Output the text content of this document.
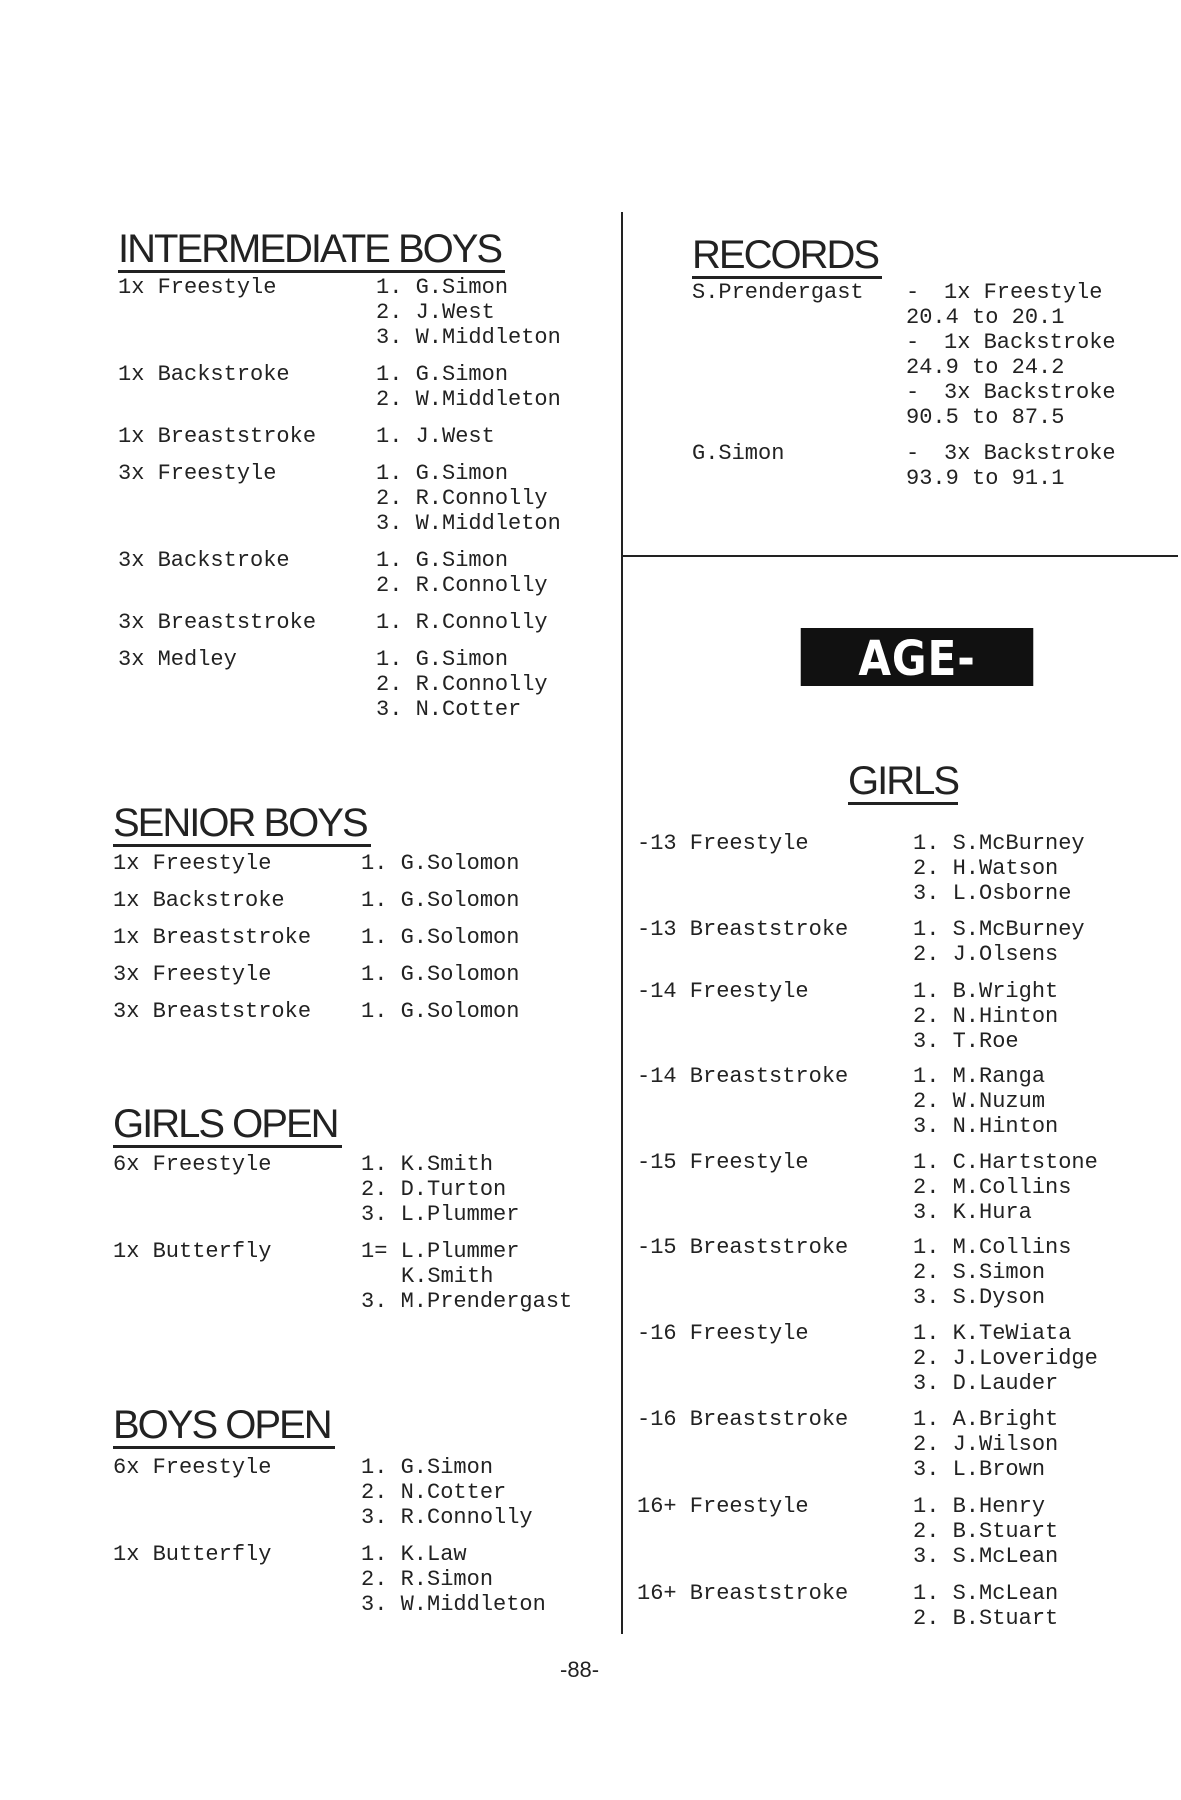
INTERMEDIATE BOYS
1x Freestyle	1. G.Simon
2. J.West
3. W.Middleton
1x Backstroke	1. G.Simon
2. W.Middleton
1x Breaststroke	1. J.West
3x Freestyle	1. G.Simon
2. R.Connolly
3. W.Middleton
3x Backstroke	1. G.Simon
2. R.Connolly
3x Breaststroke	1. R.Connolly
3x Medley	1. G.Simon
2. R.Connolly
3. N.Cotter
SENIOR BOYS
1x Freestyle	1. G.Solomon
1x Backstroke	1. G.Solomon
1x Breaststroke	1. G.Solomon
3x Freestyle	1. G.Solomon
3x Breaststroke	1. G.Solomon
GIRLS OPEN
6x Freestyle	1. K.Smith
2. D.Turton
3. L.Plummer
1x Butterfly	1= L.Plummer
K.Smith
3. M.Prendergast
BOYS OPEN
6x Freestyle	1. G.Simon
2. N.Cotter
3. R.Connolly
1x Butterfly	1. K.Law
2. R.Simon
3. W.Middleton
RECORDS
S.Prendergast - 1x Freestyle
20.4 to 20.1
- 1x Backstroke
24.9 to 24.2
- 3x Backstroke
90.5 to 87.5
G.Simon	- 3x Backstroke
93.9 to 91.1
AGE-GROUP
GIRLS
-13 Freestyle	1. S.McBurney
2. H.Watson
3. L.Osborne
-13 Breaststroke	1. S.McBurney
2. J.Olsens
-14 Freestyle	1. B.Wright
2. N.Hinton
3. T.Roe
-14 Breaststroke	1. M.Ranga
2. W.Nuzum
3. N.Hinton
-15 Freestyle	1. C.Hartstone
2. M.Collins
3. K.Hura
-15 Breaststroke	1. M.Collins
2. S.Simon
3. S.Dyson
-16 Freestyle	1. K.TeWiata
2. J.Loveridge
3. D.Lauder
-16 Breaststroke	1. A.Bright
2. J.Wilson
3. L.Brown
16+ Freestyle	1. B.Henry
2. B.Stuart
3. S.McLean
16+ Breaststroke	1. S.McLean
2. B.Stuart
-88-
